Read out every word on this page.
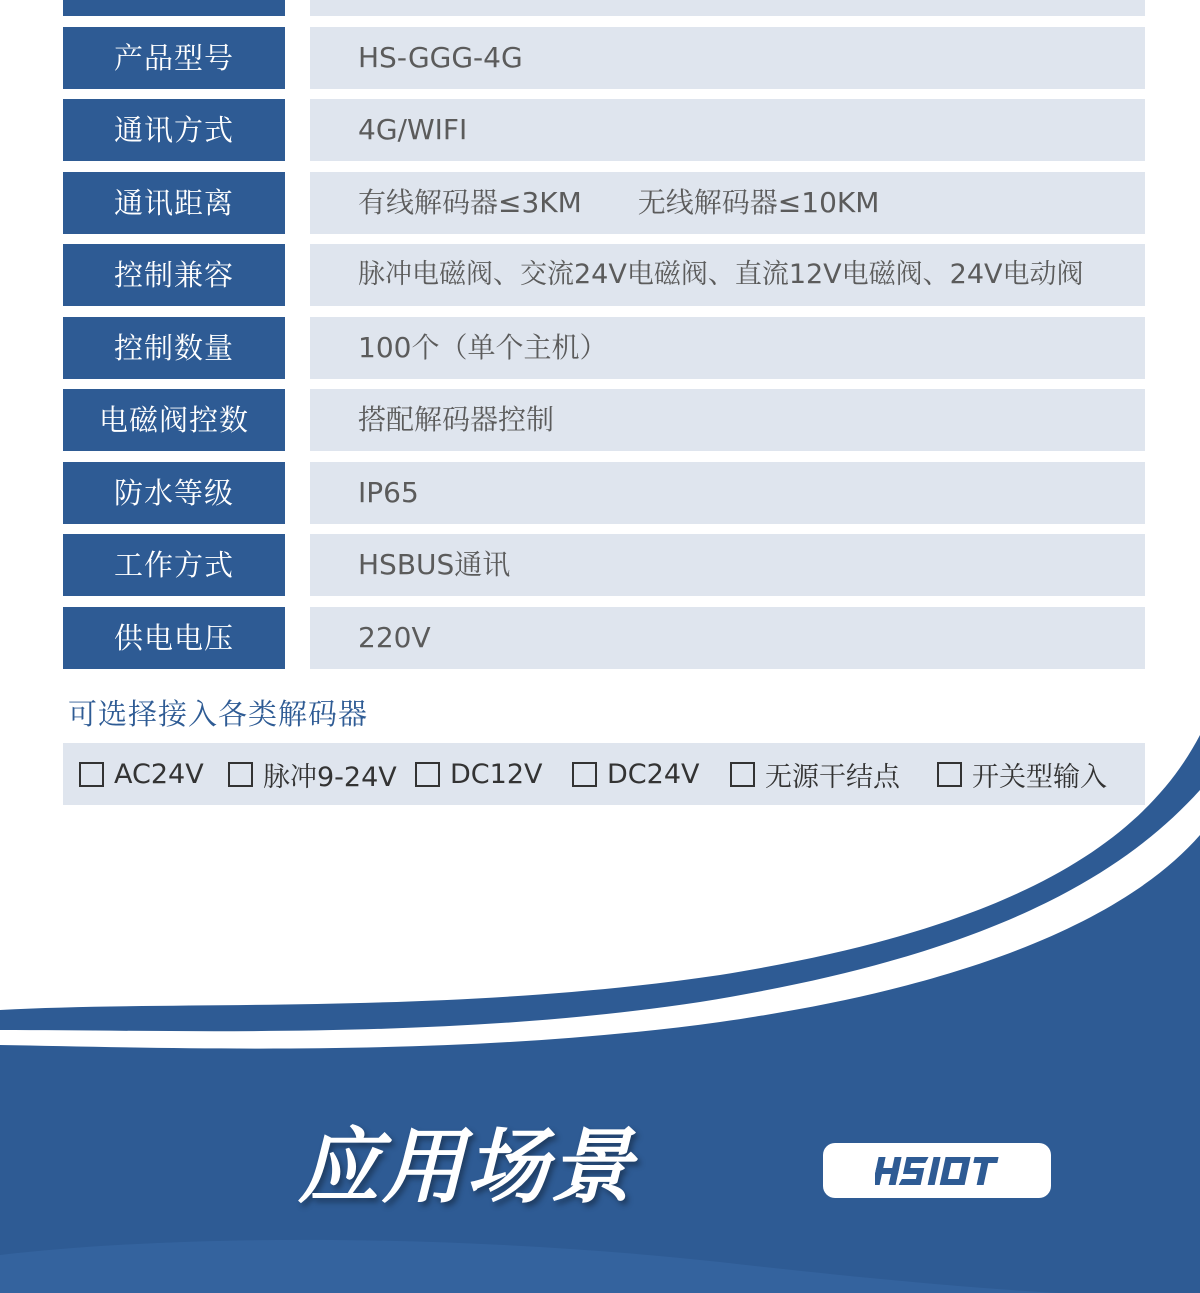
产品型号	HS-GGG-4G
通讯方式	4G/WIFI
通讯距离	有线解码器≤3KM 无线解码器≤10KM
控制兼容	脉冲电磁阀、交流24V电磁阀、直流12V电磁阀、24V电动阀
控制数量	100个（单个主机）
电磁阀控数	搭配解码器控制
防水等级	IP65
工作方式	HSBUS通讯
供电电压	220V
可选择接入各类解码器
AC24V 脉冲9-24V DC12V DC24V 无源干结点	开关型输入
应用场景
